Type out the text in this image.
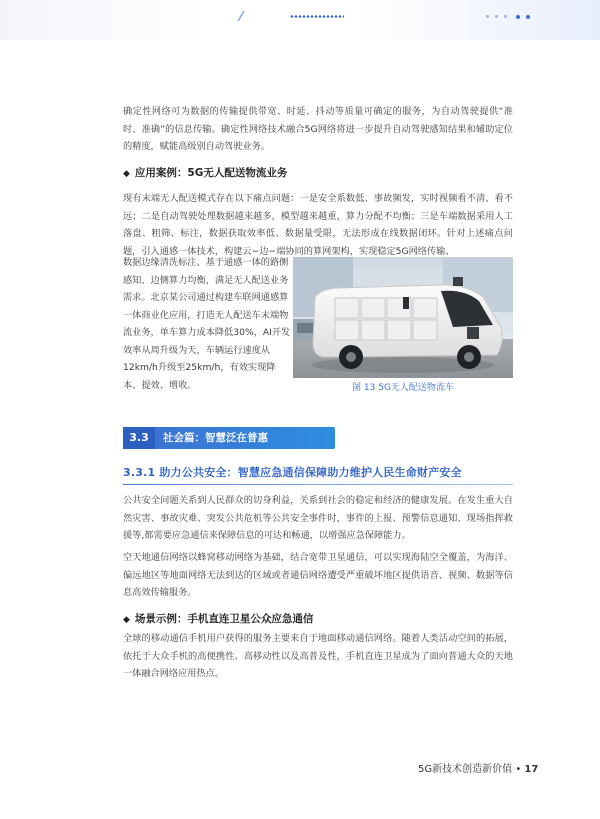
确定性网络可为数据的传输提供带宽、时延、抖动等质量可确定的服务，为自动驾驶提供“准时、准确”的信息传输。确定性网络技术融合5G网络将进一步提升自动驾驶感知结果和辅助定位的精度，赋能高级别自动驾驶业务。

◆ 应用案例：5G无人配送物流业务

现有末端无人配送模式存在以下痛点问题：一是安全系数低、事故频发，实时视频看不清、看不远；二是自动驾驶处理数据越来越多，模型越来越重，算力分配不均衡；三是车端数据采用人工落盘、粗筛、标注，数据获取效率低、数据量受限，无法形成在线数据闭环。针对上述痛点问题，引入通感一体技术，构建云−边−端协同的算网架构，实现稳定5G网络传输、

数据边缘清洗标注、基于通感一体的路侧感知、边侧算力均衡，满足无人配送业务需求。北京某公司通过构建车联网通感算一体商业化应用，打造无人配送车末端物流业务，单车算力成本降低30%，AI开发效率从周升级为天，车辆运行速度从12km/h升级至25km/h，有效实现降本、提效、增收。	图 13 5G无人配送物流车
3.3	社会篇：智慧泛在普惠
3.3.1 助力公共安全：智慧应急通信保障助力维护人民生命财产安全

公共安全问题关系到人民群众的切身利益，关系到社会的稳定和经济的健康发展。在发生重大自然灾害、事故灾难、突发公共危机等公共安全事件时，事件的上报、预警信息通知、现场指挥救援等,都需要应急通信来保障信息的可达和畅通，以增强应急保障能力。

空天地通信网络以蜂窝移动网络为基础，结合宽带卫星通信，可以实现海陆空全覆盖，为海洋、偏远地区等地面网络无法到达的区域或者通信网络遭受严重破坏地区提供语音、视频、数据等信息高效传输服务。

◆ 场景示例：手机直连卫星公众应急通信

全球的移动通信手机用户获得的服务主要来自于地面移动通信网络。随着人类活动空间的拓展，依托于大众手机的高便携性、高移动性以及高普及性，手机直连卫星成为了面向普通大众的天地一体融合网络应用热点。

5G新技术创造新价值 • 17
